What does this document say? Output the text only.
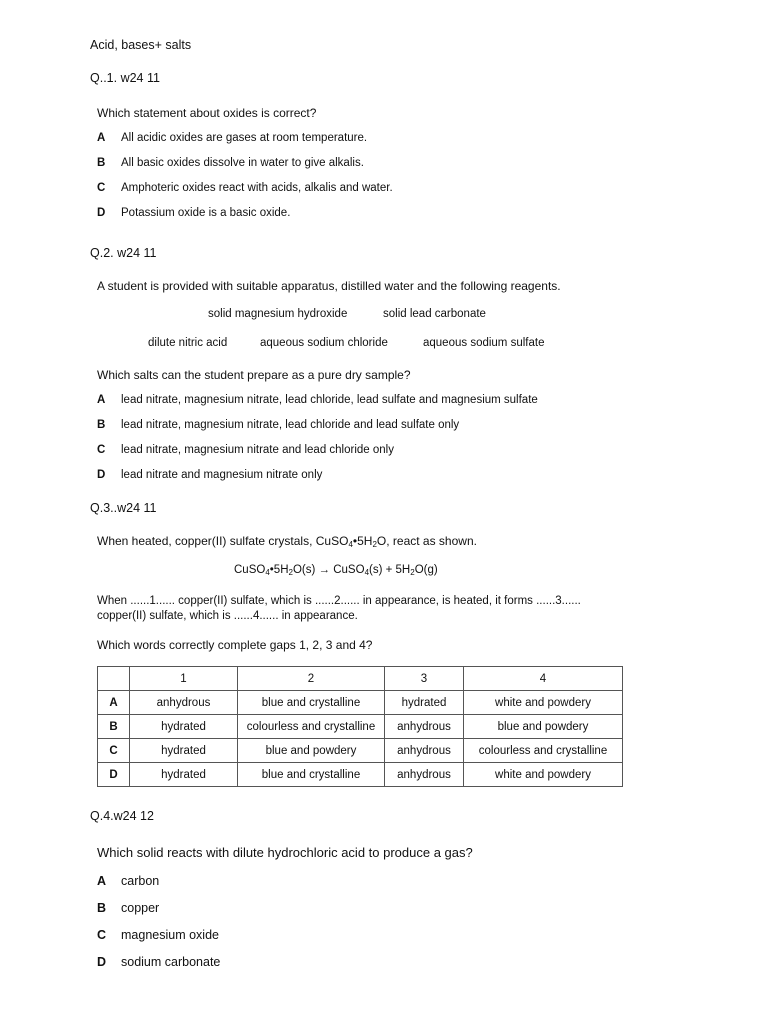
Acid, bases+ salts
Q..1. w24 11
Which statement about oxides is correct?
A	All acidic oxides are gases at room temperature.
B	All basic oxides dissolve in water to give alkalis.
C	Amphoteric oxides react with acids, alkalis and water.
D	Potassium oxide is a basic oxide.
Q.2. w24 11
A student is provided with suitable apparatus, distilled water and the following reagents.
solid magnesium hydroxide	solid lead carbonate
dilute nitric acid	aqueous sodium chloride	aqueous sodium sulfate
Which salts can the student prepare as a pure dry sample?
A	lead nitrate, magnesium nitrate, lead chloride, lead sulfate and magnesium sulfate
B	lead nitrate, magnesium nitrate, lead chloride and lead sulfate only
C	lead nitrate, magnesium nitrate and lead chloride only
D	lead nitrate and magnesium nitrate only
Q.3..w24 11
When heated, copper(II) sulfate crystals, $CuSO_4•5H_2O$, react as shown.
$CuSO_4•5H_2O(s)$ → CuSO$_4$(s) + $5H_2O(g)$
When ......1...... copper(II) sulfate, which is ......2...... in appearance, is heated, it forms ......3......
copper(II) sulfate, which is ......4...... in appearance.
Which words correctly complete gaps 1, 2, 3 and 4?
	1	2	3	4
A	anhydrous	blue and crystalline	hydrated	white and powdery
B	hydrated	colourless and crystalline	anhydrous	blue and powdery
C	hydrated	blue and powdery	anhydrous	colourless and crystalline
D	hydrated	blue and crystalline	anhydrous	white and powdery
Q.4.w24 12
Which solid reacts with dilute hydrochloric acid to produce a gas?
A	carbon
B	copper
C	magnesium oxide
D	sodium carbonate
